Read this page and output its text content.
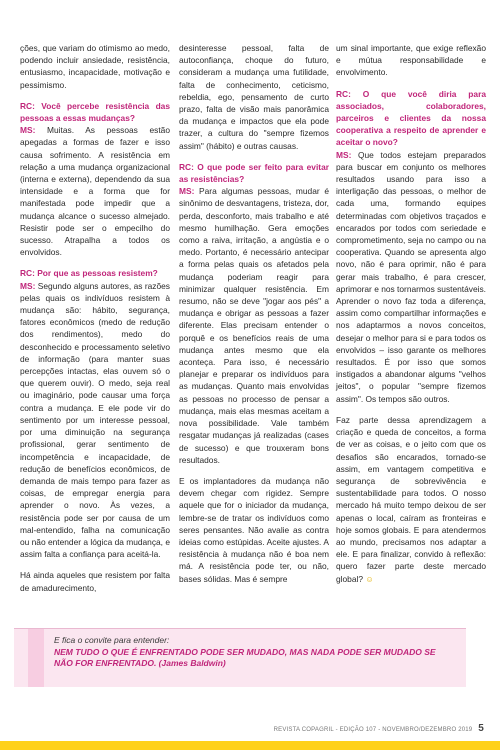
ções, que variam do otimismo ao medo, podendo incluir ansiedade, resistência, entusiasmo, incapacidade, motivação e pessimismo.

RC: Você percebe resistência das pessoas a essas mudanças?

MS: Muitas. As pessoas estão apegadas a formas de fazer e isso causa sofrimento. A resistência em relação a uma mudança organizacional (interna e externa), dependendo da sua intensidade e a forma que for manifestada pode impedir que a mudança alcance o sucesso almejado. Resistir pode ser o empecilho do sucesso. Atrapalha a todos os envolvidos.

RC: Por que as pessoas resistem?

MS: Segundo alguns autores, as razões pelas quais os indivíduos resistem à mudança são: hábito, segurança, fatores econômicos (medo de redução dos rendimentos), medo do desconhecido e processamento seletivo de informação (para manter suas percepções intactas, elas ouvem só o que querem ouvir). O medo, seja real ou imaginário, pode causar uma força contra a mudança. E ele pode vir do sentimento por um interesse pessoal, por uma diminuição na segurança profissional, gerar sentimento de incompetência e incapacidade, de redução de benefícios econômicos, de demanda de mais tempo para fazer as coisas, de empregar energia para aprender o novo. Às vezes, a resistência pode ser por causa de um mal-entendido, falha na comunicação ou não entender a lógica da mudança, e assim falta a confiança para aceitá-la.

Há ainda aqueles que resistem por falta de amadurecimento,

desinteresse pessoal, falta de autoconfiança, choque do futuro, consideram a mudança uma futilidade, falta de conhecimento, ceticismo, rebeldia, ego, pensamento de curto prazo, falta de visão mais panorâmica da mudança e impactos que ela pode trazer, a cultura do "sempre fizemos assim" (hábito) e outras causas.

RC: O que pode ser feito para evitar as resistências?

MS: Para algumas pessoas, mudar é sinônimo de desvantagens, tristeza, dor, perda, desconforto, mais trabalho e até mesmo humilhação. Gera emoções como a raiva, irritação, a angústia e o medo. Portanto, é necessário antecipar a forma pelas quais os afetados pela mudança poderiam reagir para minimizar qualquer resistência. Em resumo, não se deve "jogar aos pés" a mudança e obrigar as pessoas a fazer diferente. Elas precisam entender o porquê e os benefícios reais de uma mudança antes mesmo que ela aconteça. Para isso, é necessário planejar e preparar os indivíduos para as mudanças. Quanto mais envolvidas as pessoas no processo de pensar a mudança, mais elas mesmas aceitam a nova possibilidade. Vale também resgatar mudanças já realizadas (cases de sucesso) e que trouxeram bons resultados.

E os implantadores da mudança não devem chegar com rigidez. Sempre aquele que for o iniciador da mudança, lembre-se de tratar os indivíduos como seres pensantes. Não avalie as contra ideias como estúpidas. Aceite ajustes. A resistência à mudança não é boa nem má. A resistência pode ter, ou não, bases sólidas. Mas é sempre

um sinal importante, que exige reflexão e mútua responsabilidade e envolvimento.

RC: O que você diria para associados, colaboradores, parceiros e clientes da nossa cooperativa a respeito de aprender e aceitar o novo?

MS: Que todos estejam preparados para buscar em conjunto os melhores resultados usando para isso a interligação das pessoas, o melhor de cada uma, formando equipes determinadas com objetivos traçados e encarados por todos com seriedade e comprometimento, seja no campo ou na cooperativa. Quando se apresenta algo novo, não é para oprimir, não é para gerar mais trabalho, é para crescer, aprimorar e nos tornarmos sustentáveis. Aprender o novo faz toda a diferença, assim como compartilhar informações e nos adaptarmos a novos conceitos, desejar o melhor para si e para todos os envolvidos – isso garante os melhores resultados. É por isso que somos instigados a abandonar algums "velhos jeitos", o popular "sempre fizemos assim". Os tempos são outros.

Faz parte dessa aprendizagem a criação e queda de conceitos, a forma de ver as coisas, e o jeito com que os desafios são encarados, tornado-se assim, em vantagem competitiva e segurança de sobrevivência e sustentabilidade para todos. O nosso mercado há muito tempo deixou de ser apenas o local, caíram as fronteiras e hoje somos globais. E para atendermos ao mundo, precisamos nos adaptar a ele. E para finalizar, convido à reflexão: quero fazer parte deste mercado global? ☺

E fica o convite para entender:
NEM TUDO O QUE É ENFRENTADO PODE SER MUDADO, MAS NADA PODE SER MUDADO SE NÃO FOR ENFRENTADO. (James Baldwin)
REVISTA COPAGRIL - EDIÇÃO 107 - NOVEMBRO/DEZEMBRO 2019 5
